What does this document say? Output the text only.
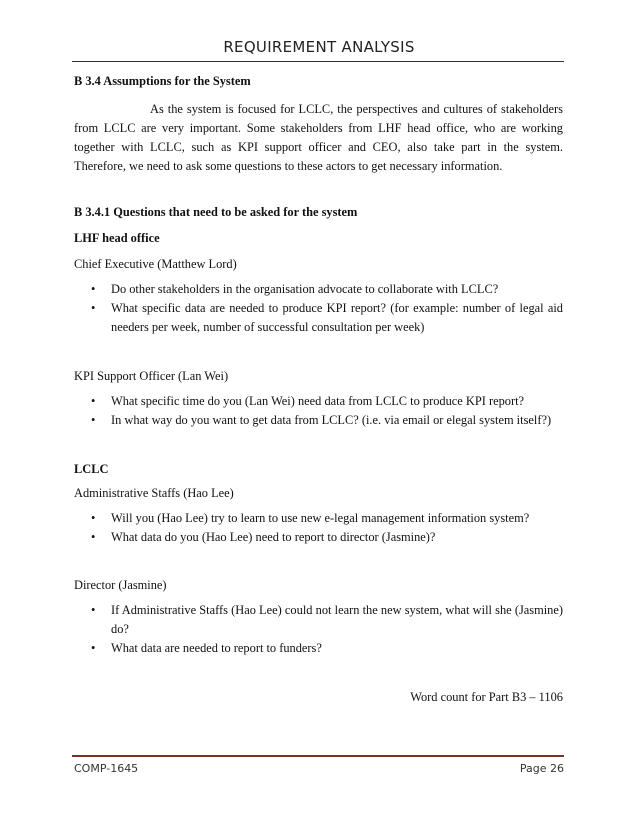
REQUIREMENT ANALYSIS

B 3.4 Assumptions for the System

As the system is focused for LCLC, the perspectives and cultures of stakeholders from LCLC are very important. Some stakeholders from LHF head office, who are working together with LCLC, such as KPI support officer and CEO, also take part in the system. Therefore, we need to ask some questions to these actors to get necessary information.

B 3.4.1 Questions that need to be asked for the system

LHF head office

Chief Executive (Matthew Lord)

• Do other stakeholders in the organisation advocate to collaborate with LCLC?
• What specific data are needed to produce KPI report? (for example: number of legal aid needers per week, number of successful consultation per week)

KPI Support Officer (Lan Wei)

• What specific time do you (Lan Wei) need data from LCLC to produce KPI report?
• In what way do you want to get data from LCLC? (i.e. via email or elegal system itself?)

LCLC

Administrative Staffs (Hao Lee)

• Will you (Hao Lee) try to learn to use new e-legal management information system?
• What data do you (Hao Lee) need to report to director (Jasmine)?

Director (Jasmine)

• If Administrative Staffs (Hao Lee) could not learn the new system, what will she (Jasmine) do?
• What data are needed to report to funders?

Word count for Part B3 – 1106

COMP-1645	Page 26
